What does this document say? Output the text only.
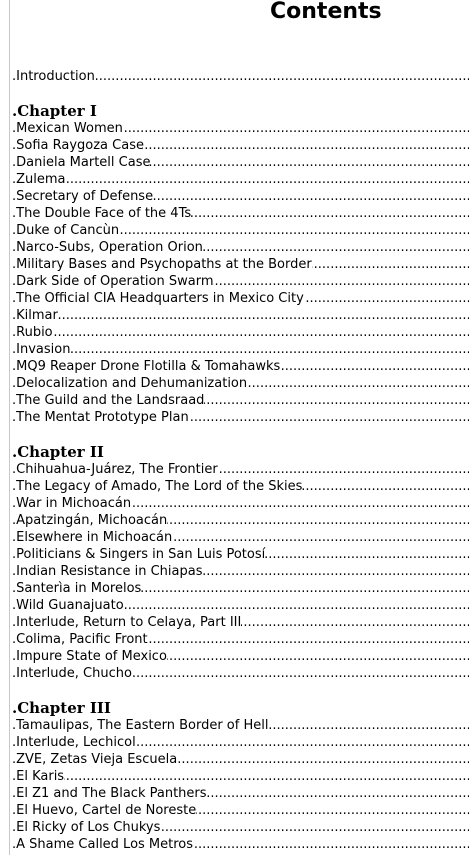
Contents
.Introduction .....
.Chapter I
.Mexican Women .....
.Sofia Raygoza Case .....
.Daniela Martell Case .....
.Zulema .....
.Secretary of Defense .....
.The Double Face of the 4Ts .....
.Duke of Cancùn .....
.Narco-Subs, Operation Orion .....
.Military Bases and Psychopaths at the Border .....
.Dark Side of Operation Swarm .....
.The Official CIA Headquarters in Mexico City .....
.Kilmar .....
.Rubio .....
.Invasion .....
.MQ9 Reaper Drone Flotilla & Tomahawks .....
.Delocalization and Dehumanization .....
.The Guild and the Landsraad .....
.The Mentat Prototype Plan .....
.Chapter II
.Chihuahua-Juárez, The Frontier .....
.The Legacy of Amado, The Lord of the Skies .....
.War in Michoacán .....
.Apatzingán, Michoacán .....
.Elsewhere in Michoacán .....
.Politicians & Singers in San Luis Potosí .....
.Indian Resistance in Chiapas .....
.Santerìa in Morelos .....
.Wild Guanajuato .....
.Interlude, Return to Celaya, Part III .....
.Colima, Pacific Front .....
.Impure State of Mexico .....
.Interlude, Chucho .....
.Chapter III
.Tamaulipas, The Eastern Border of Hell .....
.Interlude, Lechicol .....
.ZVE, Zetas Vieja Escuela .....
.El Karis .....
.El Z1 and The Black Panthers .....
.El Huevo, Cartel de Noreste .....
.El Ricky of Los Chukys .....
.A Shame Called Los Metros .....
